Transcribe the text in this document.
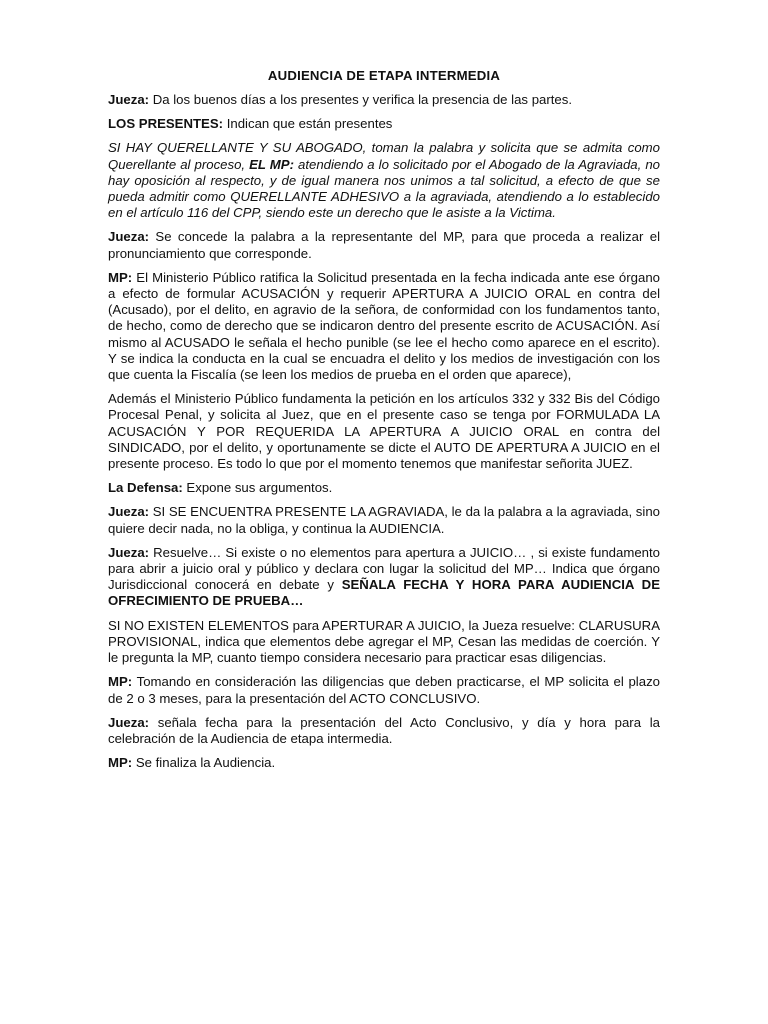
AUDIENCIA DE ETAPA INTERMEDIA

Jueza: Da los buenos días a los presentes y verifica la presencia de las partes.

LOS PRESENTES: Indican que están presentes

SI HAY QUERELLANTE Y SU ABOGADO, toman la palabra y solicita que se admita como Querellante al proceso, EL MP: atendiendo a lo solicitado por el Abogado de la Agraviada, no hay oposición al respecto, y de igual manera nos unimos a tal solicitud, a efecto de que se pueda admitir como QUERELLANTE ADHESIVO a la agraviada, atendiendo a lo establecido en el artículo 116 del CPP, siendo este un derecho que le asiste a la Victima.

Jueza: Se concede la palabra a la representante del MP, para que proceda a realizar el pronunciamiento que corresponde.

MP: El Ministerio Público ratifica la Solicitud presentada en la fecha indicada ante ese órgano a efecto de formular ACUSACIÓN y requerir APERTURA A JUICIO ORAL en contra del (Acusado), por el delito, en agravio de la señora, de conformidad con los fundamentos tanto, de hecho, como de derecho que se indicaron dentro del presente escrito de ACUSACIÓN. Así mismo al ACUSADO le señala el hecho punible (se lee el hecho como aparece en el escrito). Y se indica la conducta en la cual se encuadra el delito y los medios de investigación con los que cuenta la Fiscalía (se leen los medios de prueba en el orden que aparece),

Además el Ministerio Público fundamenta la petición en los artículos 332 y 332 Bis del Código Procesal Penal, y solicita al Juez, que en el presente caso se tenga por FORMULADA LA ACUSACIÓN Y POR REQUERIDA LA APERTURA A JUICIO ORAL en contra del SINDICADO, por el delito, y oportunamente se dicte el AUTO DE APERTURA A JUICIO en el presente proceso. Es todo lo que por el momento tenemos que manifestar señorita JUEZ.

La Defensa: Expone sus argumentos.

Jueza: SI SE ENCUENTRA PRESENTE LA AGRAVIADA, le da la palabra a la agraviada, sino quiere decir nada, no la obliga, y continua la AUDIENCIA.

Jueza: Resuelve… Si existe o no elementos para apertura a JUICIO… , si existe fundamento para abrir a juicio oral y público y declara con lugar la solicitud del MP… Indica que órgano Jurisdiccional conocerá en debate y SEÑALA FECHA Y HORA PARA AUDIENCIA DE OFRECIMIENTO DE PRUEBA…

SI NO EXISTEN ELEMENTOS para APERTURAR A JUICIO, la Jueza resuelve: CLARUSURA PROVISIONAL, indica que elementos debe agregar el MP, Cesan las medidas de coerción. Y le pregunta la MP, cuanto tiempo considera necesario para practicar esas diligencias.

MP: Tomando en consideración las diligencias que deben practicarse, el MP solicita el plazo de 2 o 3 meses, para la presentación del ACTO CONCLUSIVO.

Jueza: señala fecha para la presentación del Acto Conclusivo, y día y hora para la celebración de la Audiencia de etapa intermedia.

MP: Se finaliza la Audiencia.
